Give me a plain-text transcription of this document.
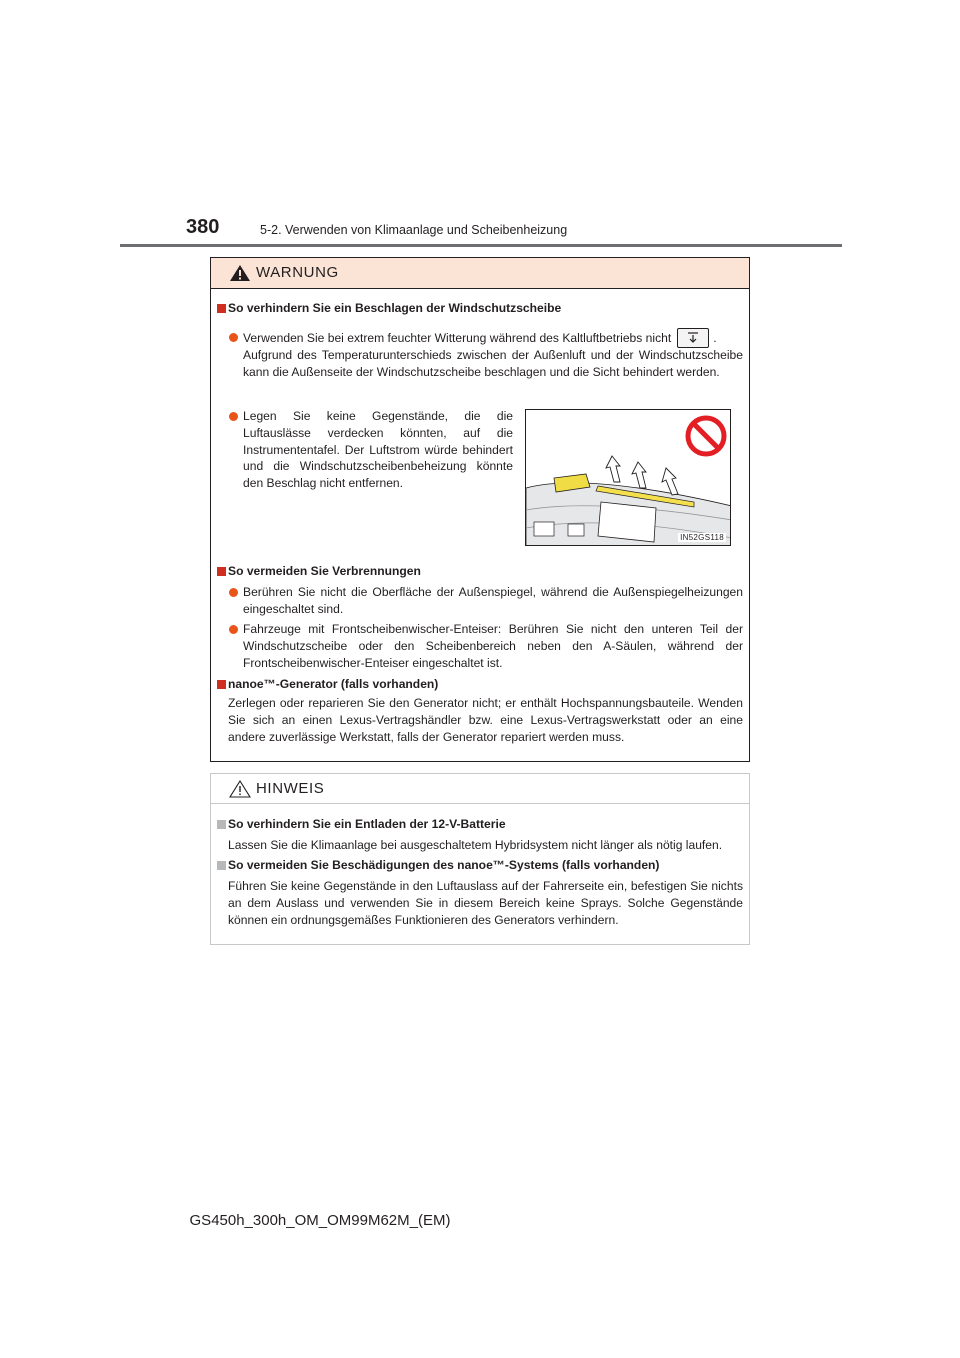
380	5-2. Verwenden von Klimaanlage und Scheibenheizung
WARNUNG
So verhindern Sie ein Beschlagen der Windschutzscheibe
Verwenden Sie bei extrem feuchter Witterung während des Kaltluftbetriebs nicht	.
Aufgrund des Temperaturunterschieds zwischen der Außenluft und der Windschutzscheibe kann die Außenseite der Windschutzscheibe beschlagen und die Sicht behindert werden.
Legen Sie keine Gegenstände, die die Luftauslässe verdecken könnten, auf die Instrumententafel. Der Luftstrom würde behindert und die Windschutzscheibenbeheizung könnte den Beschlag nicht entfernen.
IN52GS118
So vermeiden Sie Verbrennungen
Berühren Sie nicht die Oberfläche der Außenspiegel, während die Außenspiegelheizungen eingeschaltet sind.
Fahrzeuge mit Frontscheibenwischer-Enteiser: Berühren Sie nicht den unteren Teil der Windschutzscheibe oder den Scheibenbereich neben den A-Säulen, während der Frontscheibenwischer-Enteiser eingeschaltet ist.
nanoe™-Generator (falls vorhanden)
Zerlegen oder reparieren Sie den Generator nicht; er enthält Hochspannungsbauteile. Wenden Sie sich an einen Lexus-Vertragshändler bzw. eine Lexus-Vertragswerkstatt oder an eine andere zuverlässige Werkstatt, falls der Generator repariert werden muss.
HINWEIS
So verhindern Sie ein Entladen der 12-V-Batterie
Lassen Sie die Klimaanlage bei ausgeschaltetem Hybridsystem nicht länger als nötig laufen.
So vermeiden Sie Beschädigungen des nanoe™-Systems (falls vorhanden)
Führen Sie keine Gegenstände in den Luftauslass auf der Fahrerseite ein, befestigen Sie nichts an dem Auslass und verwenden Sie in diesem Bereich keine Sprays. Solche Gegenstände können ein ordnungsgemäßes Funktionieren des Generators verhindern.
GS450h_300h_OM_OM99M62M_(EM)
